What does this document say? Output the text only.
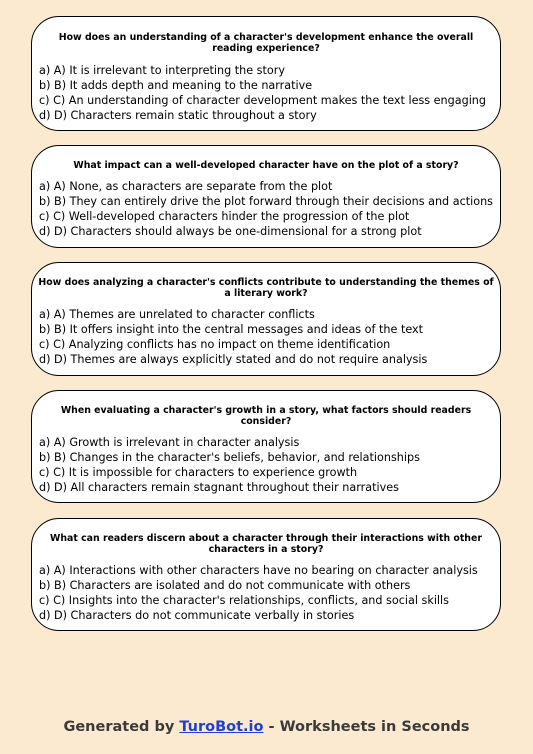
How does an understanding of a character's development enhance the overall reading experience?

a) A) It is irrelevant to interpreting the story
b) B) It adds depth and meaning to the narrative
c) C) An understanding of character development makes the text less engaging
d) D) Characters remain static throughout a story

What impact can a well-developed character have on the plot of a story?

a) A) None, as characters are separate from the plot
b) B) They can entirely drive the plot forward through their decisions and actions
c) C) Well-developed characters hinder the progression of the plot
d) D) Characters should always be one-dimensional for a strong plot

How does analyzing a character's conflicts contribute to understanding the themes of a literary work?

a) A) Themes are unrelated to character conflicts
b) B) It offers insight into the central messages and ideas of the text
c) C) Analyzing conflicts has no impact on theme identification
d) D) Themes are always explicitly stated and do not require analysis

When evaluating a character's growth in a story, what factors should readers consider?

a) A) Growth is irrelevant in character analysis
b) B) Changes in the character's beliefs, behavior, and relationships
c) C) It is impossible for characters to experience growth
d) D) All characters remain stagnant throughout their narratives

What can readers discern about a character through their interactions with other characters in a story?

a) A) Interactions with other characters have no bearing on character analysis
b) B) Characters are isolated and do not communicate with others
c) C) Insights into the character's relationships, conflicts, and social skills
d) D) Characters do not communicate verbally in stories
Generated by TuroBot.io - Worksheets in Seconds
